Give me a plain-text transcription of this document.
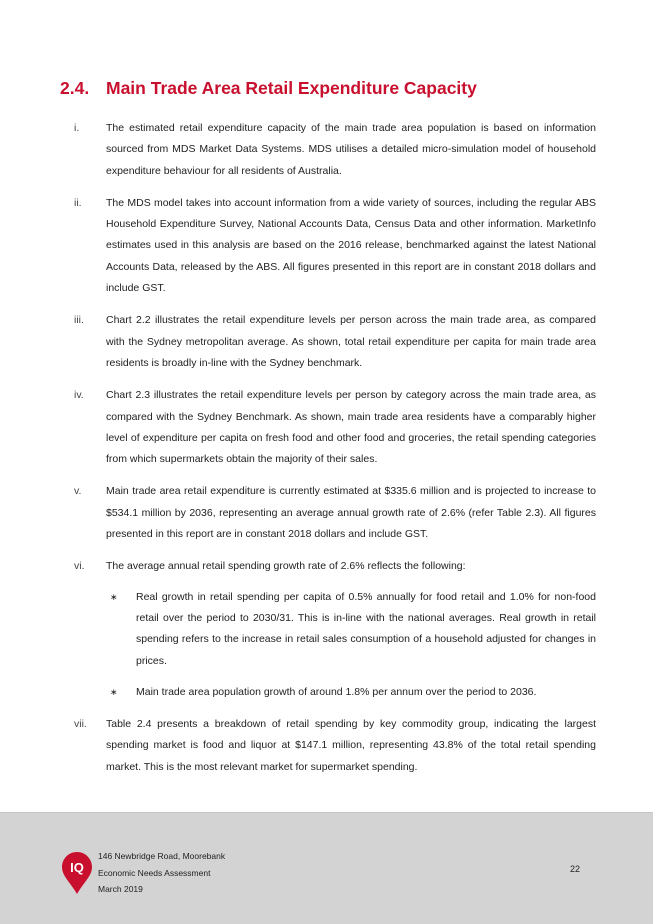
2.4. Main Trade Area Retail Expenditure Capacity
i.	The estimated retail expenditure capacity of the main trade area population is based on information sourced from MDS Market Data Systems. MDS utilises a detailed micro-simulation model of household expenditure behaviour for all residents of Australia.
ii. The MDS model takes into account information from a wide variety of sources, including the regular ABS Household Expenditure Survey, National Accounts Data, Census Data and other information. MarketInfo estimates used in this analysis are based on the 2016 release, benchmarked against the latest National Accounts Data, released by the ABS. All figures presented in this report are in constant 2018 dollars and include GST.
iii. Chart 2.2 illustrates the retail expenditure levels per person across the main trade area, as compared with the Sydney metropolitan average. As shown, total retail expenditure per capita for main trade area residents is broadly in-line with the Sydney benchmark.
iv. Chart 2.3 illustrates the retail expenditure levels per person by category across the main trade area, as compared with the Sydney Benchmark. As shown, main trade area residents have a comparably higher level of expenditure per capita on fresh food and other food and groceries, the retail spending categories from which supermarkets obtain the majority of their sales.
v. Main trade area retail expenditure is currently estimated at $335.6 million and is projected to increase to $534.1 million by 2036, representing an average annual growth rate of 2.6% (refer Table 2.3). All figures presented in this report are in constant 2018 dollars and include GST.
vi. The average annual retail spending growth rate of 2.6% reflects the following:
∗ Real growth in retail spending per capita of 0.5% annually for food retail and 1.0% for non-food retail over the period to 2030/31. This is in-line with the national averages. Real growth in retail spending refers to the increase in retail sales consumption of a household adjusted for changes in prices.
∗ Main trade area population growth of around 1.8% per annum over the period to 2036.
vii. Table 2.4 presents a breakdown of retail spending by key commodity group, indicating the largest spending market is food and liquor at $147.1 million, representing 43.8% of the total retail spending market. This is the most relevant market for supermarket spending.
IQ
146 Newbridge Road, Moorebank
Economic Needs Assessment
March 2019
22
